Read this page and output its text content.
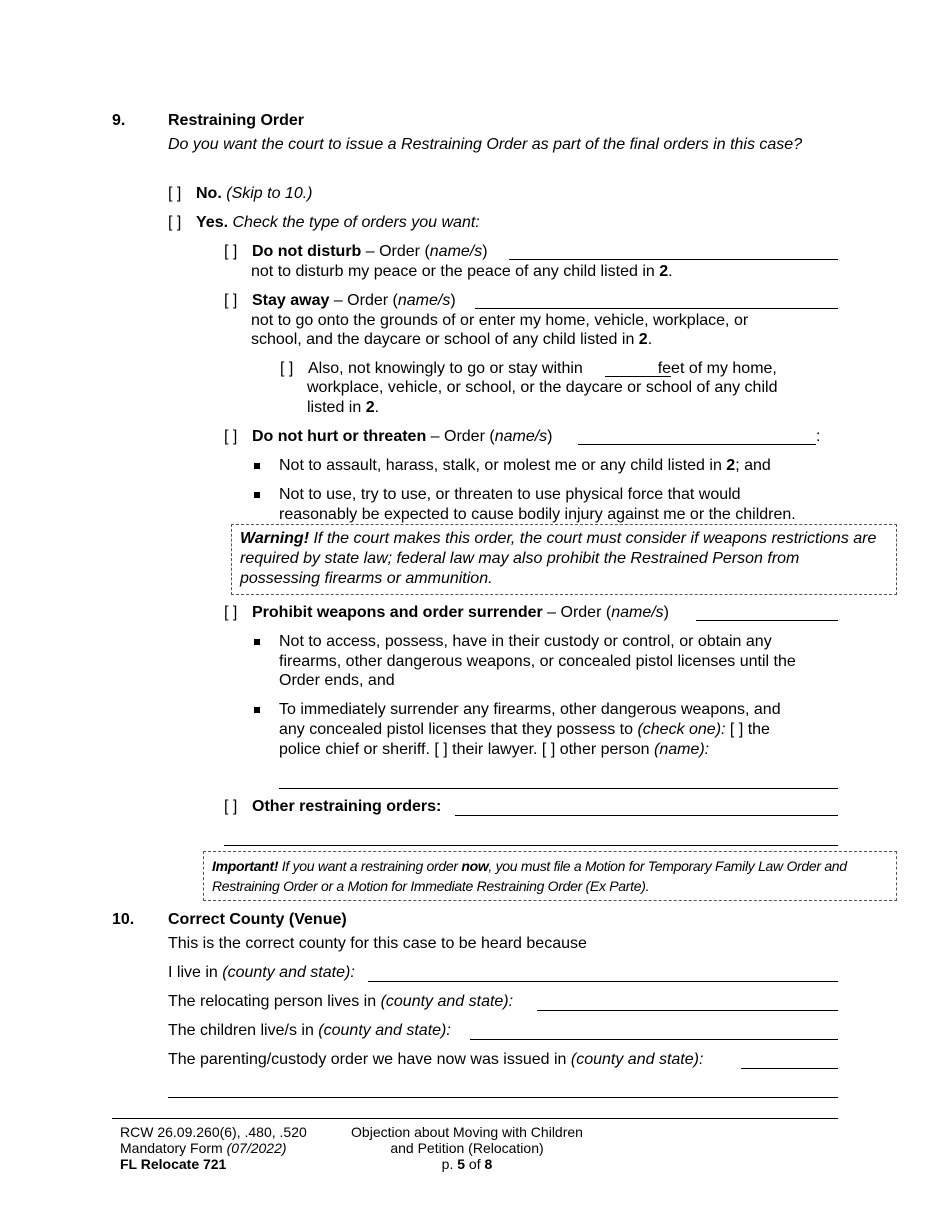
9.	Restraining Order
Do you want the court to issue a Restraining Order as part of the final orders in this case?
[ ] No. (Skip to 10.)
[ ] Yes. Check the type of orders you want:
[ ] Do not disturb – Order (name/s)
not to disturb my peace or the peace of any child listed in 2.
[ ] Stay away – Order (name/s)
not to go onto the grounds of or enter my home, vehicle, workplace, or
school, and the daycare or school of any child listed in 2.
[ ] Also, not knowingly to go or stay within	feet of my home,
workplace, vehicle, or school, or the daycare or school of any child
listed in 2.
[ ] Do not hurt or threaten – Order (name/s)	:
Not to assault, harass, stalk, or molest me or any child listed in 2; and
Not to use, try to use, or threaten to use physical force that would
reasonably be expected to cause bodily injury against me or the children.
Warning! If the court makes this order, the court must consider if weapons restrictions are required by state law; federal law may also prohibit the Restrained Person from possessing firearms or ammunition.
[ ] Prohibit weapons and order surrender – Order (name/s)
Not to access, possess, have in their custody or control, or obtain any
firearms, other dangerous weapons, or concealed pistol licenses until the
Order ends, and
To immediately surrender any firearms, other dangerous weapons, and
any concealed pistol licenses that they possess to (check one): [ ] the
police chief or sheriff. [ ] their lawyer. [ ] other person (name):
[ ] Other restraining orders:
Important! If you want a restraining order now, you must file a Motion for Temporary Family Law Order and Restraining Order or a Motion for Immediate Restraining Order (Ex Parte).
10. Correct County (Venue)
This is the correct county for this case to be heard because
I live in (county and state):
The relocating person lives in (county and state):
The children live/s in (county and state):
The parenting/custody order we have now was issued in (county and state):
RCW 26.09.260(6), .480, .520
Mandatory Form (07/2022)
FL Relocate 721
Objection about Moving with Children
and Petition (Relocation)
p. 5 of 8
